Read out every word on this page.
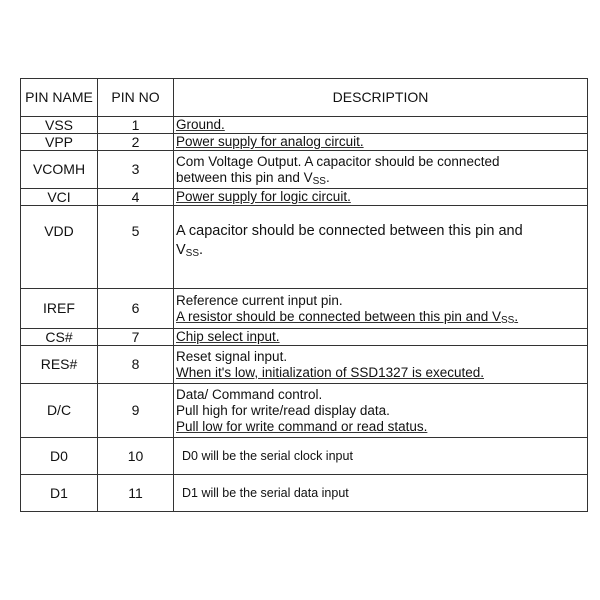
PIN NAME	PIN NO	DESCRIPTION
VSS	1	Ground.

VPP	2	Power supply for analog circuit.

VCOMH	3	Com Voltage Output. A capacitor should be connected
between this pin and $V_{SS}$.

VCI	4	Power supply for logic circuit.

VDD	5	A capacitor should be connected between this pin and
$V_{SS}$.

IREF	6	Reference current input pin.
A resistor should be connected between this pin and $V_{SS}$.

CS#	7	Chip select input.

RES#	8	Reset signal input.
When it's low, initialization of SSD1327 is executed.

D/C	9	Data/ Command control.
Pull high for write/read display data.
Pull low for write command or read status.

D0	10	D0 will be the serial clock input

D1	11	D1 will be the serial data input
